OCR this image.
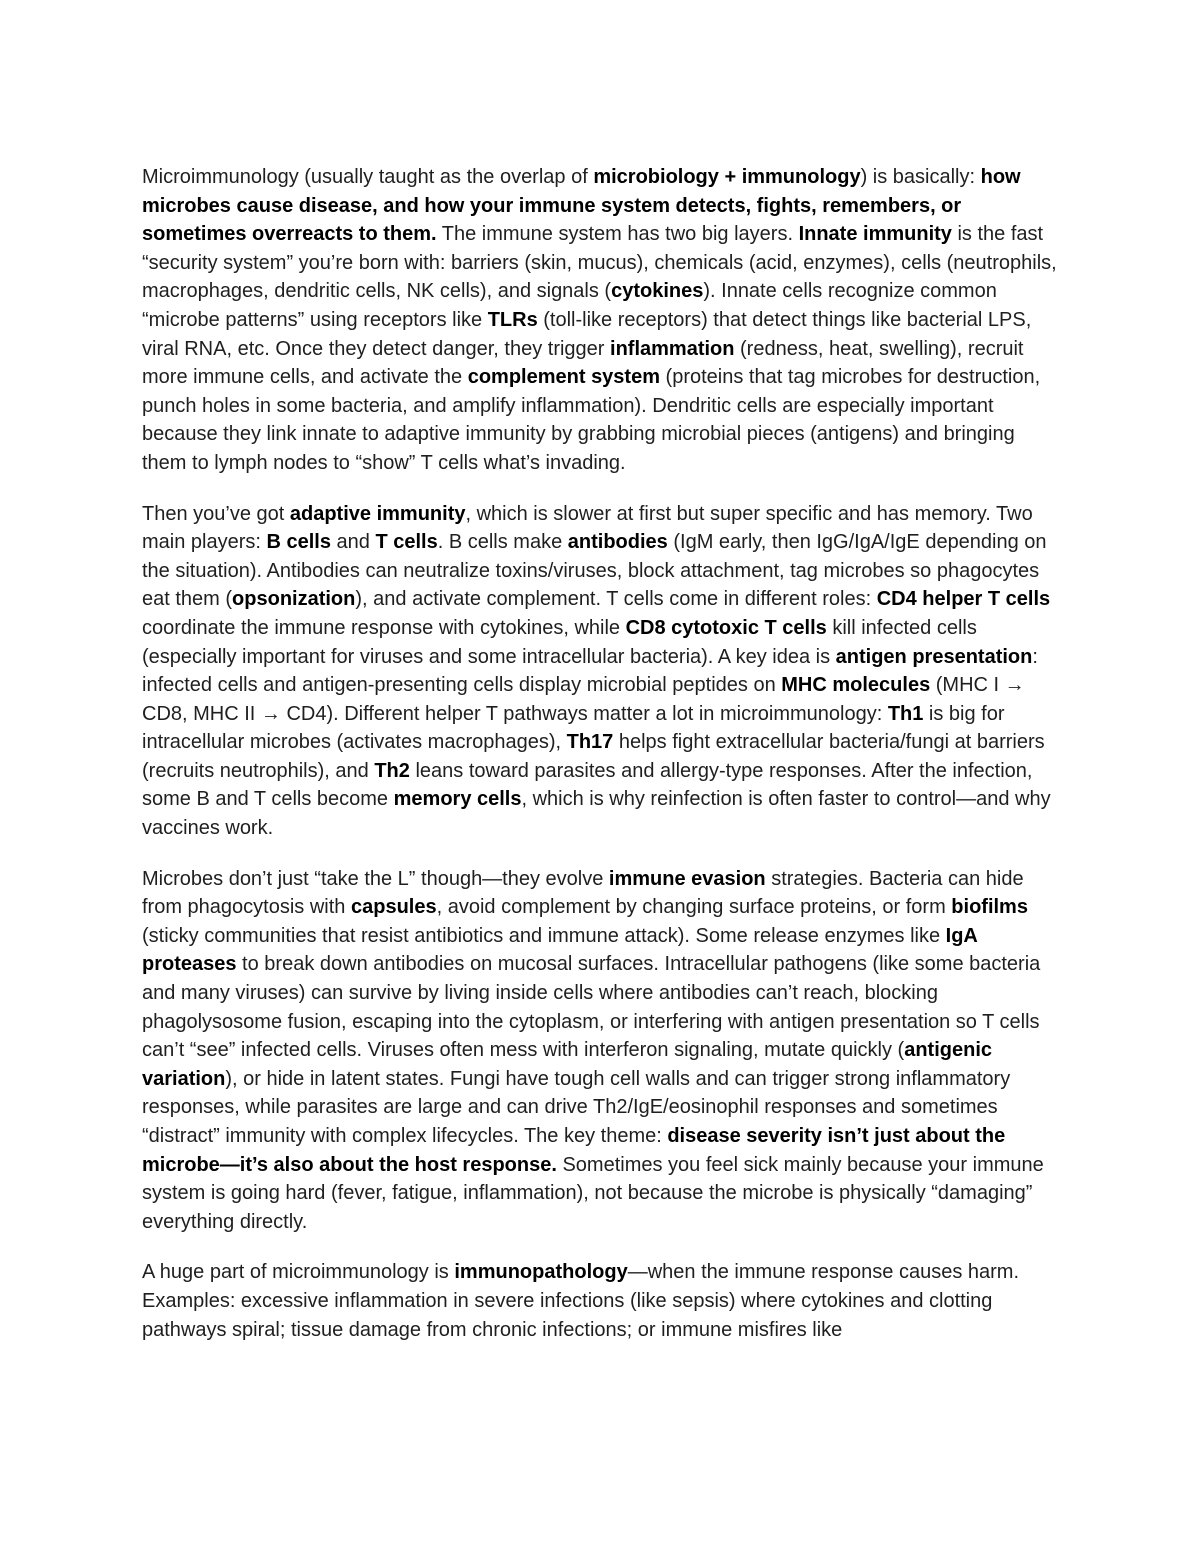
Microimmunology (usually taught as the overlap of microbiology + immunology) is basically: how microbes cause disease, and how your immune system detects, fights, remembers, or sometimes overreacts to them. The immune system has two big layers. Innate immunity is the fast “security system” you’re born with: barriers (skin, mucus), chemicals (acid, enzymes), cells (neutrophils, macrophages, dendritic cells, NK cells), and signals (cytokines). Innate cells recognize common “microbe patterns” using receptors like TLRs (toll-like receptors) that detect things like bacterial LPS, viral RNA, etc. Once they detect danger, they trigger inflammation (redness, heat, swelling), recruit more immune cells, and activate the complement system (proteins that tag microbes for destruction, punch holes in some bacteria, and amplify inflammation). Dendritic cells are especially important because they link innate to adaptive immunity by grabbing microbial pieces (antigens) and bringing them to lymph nodes to “show” T cells what’s invading.

Then you’ve got adaptive immunity, which is slower at first but super specific and has memory. Two main players: B cells and T cells. B cells make antibodies (IgM early, then IgG/IgA/IgE depending on the situation). Antibodies can neutralize toxins/viruses, block attachment, tag microbes so phagocytes eat them (opsonization), and activate complement. T cells come in different roles: CD4 helper T cells coordinate the immune response with cytokines, while CD8 cytotoxic T cells kill infected cells (especially important for viruses and some intracellular bacteria). A key idea is antigen presentation: infected cells and antigen-presenting cells display microbial peptides on MHC molecules (MHC I → CD8, MHC II → CD4). Different helper T pathways matter a lot in microimmunology: Th1 is big for intracellular microbes (activates macrophages), Th17 helps fight extracellular bacteria/fungi at barriers (recruits neutrophils), and Th2 leans toward parasites and allergy-type responses. After the infection, some B and T cells become memory cells, which is why reinfection is often faster to control—and why vaccines work.

Microbes don’t just “take the L” though—they evolve immune evasion strategies. Bacteria can hide from phagocytosis with capsules, avoid complement by changing surface proteins, or form biofilms (sticky communities that resist antibiotics and immune attack). Some release enzymes like IgA proteases to break down antibodies on mucosal surfaces. Intracellular pathogens (like some bacteria and many viruses) can survive by living inside cells where antibodies can’t reach, blocking phagolysosome fusion, escaping into the cytoplasm, or interfering with antigen presentation so T cells can’t “see” infected cells. Viruses often mess with interferon signaling, mutate quickly (antigenic variation), or hide in latent states. Fungi have tough cell walls and can trigger strong inflammatory responses, while parasites are large and can drive Th2/IgE/eosinophil responses and sometimes “distract” immunity with complex lifecycles. The key theme: disease severity isn’t just about the microbe—it’s also about the host response. Sometimes you feel sick mainly because your immune system is going hard (fever, fatigue, inflammation), not because the microbe is physically “damaging” everything directly.

A huge part of microimmunology is immunopathology—when the immune response causes harm. Examples: excessive inflammation in severe infections (like sepsis) where cytokines and clotting pathways spiral; tissue damage from chronic infections; or immune misfires like
